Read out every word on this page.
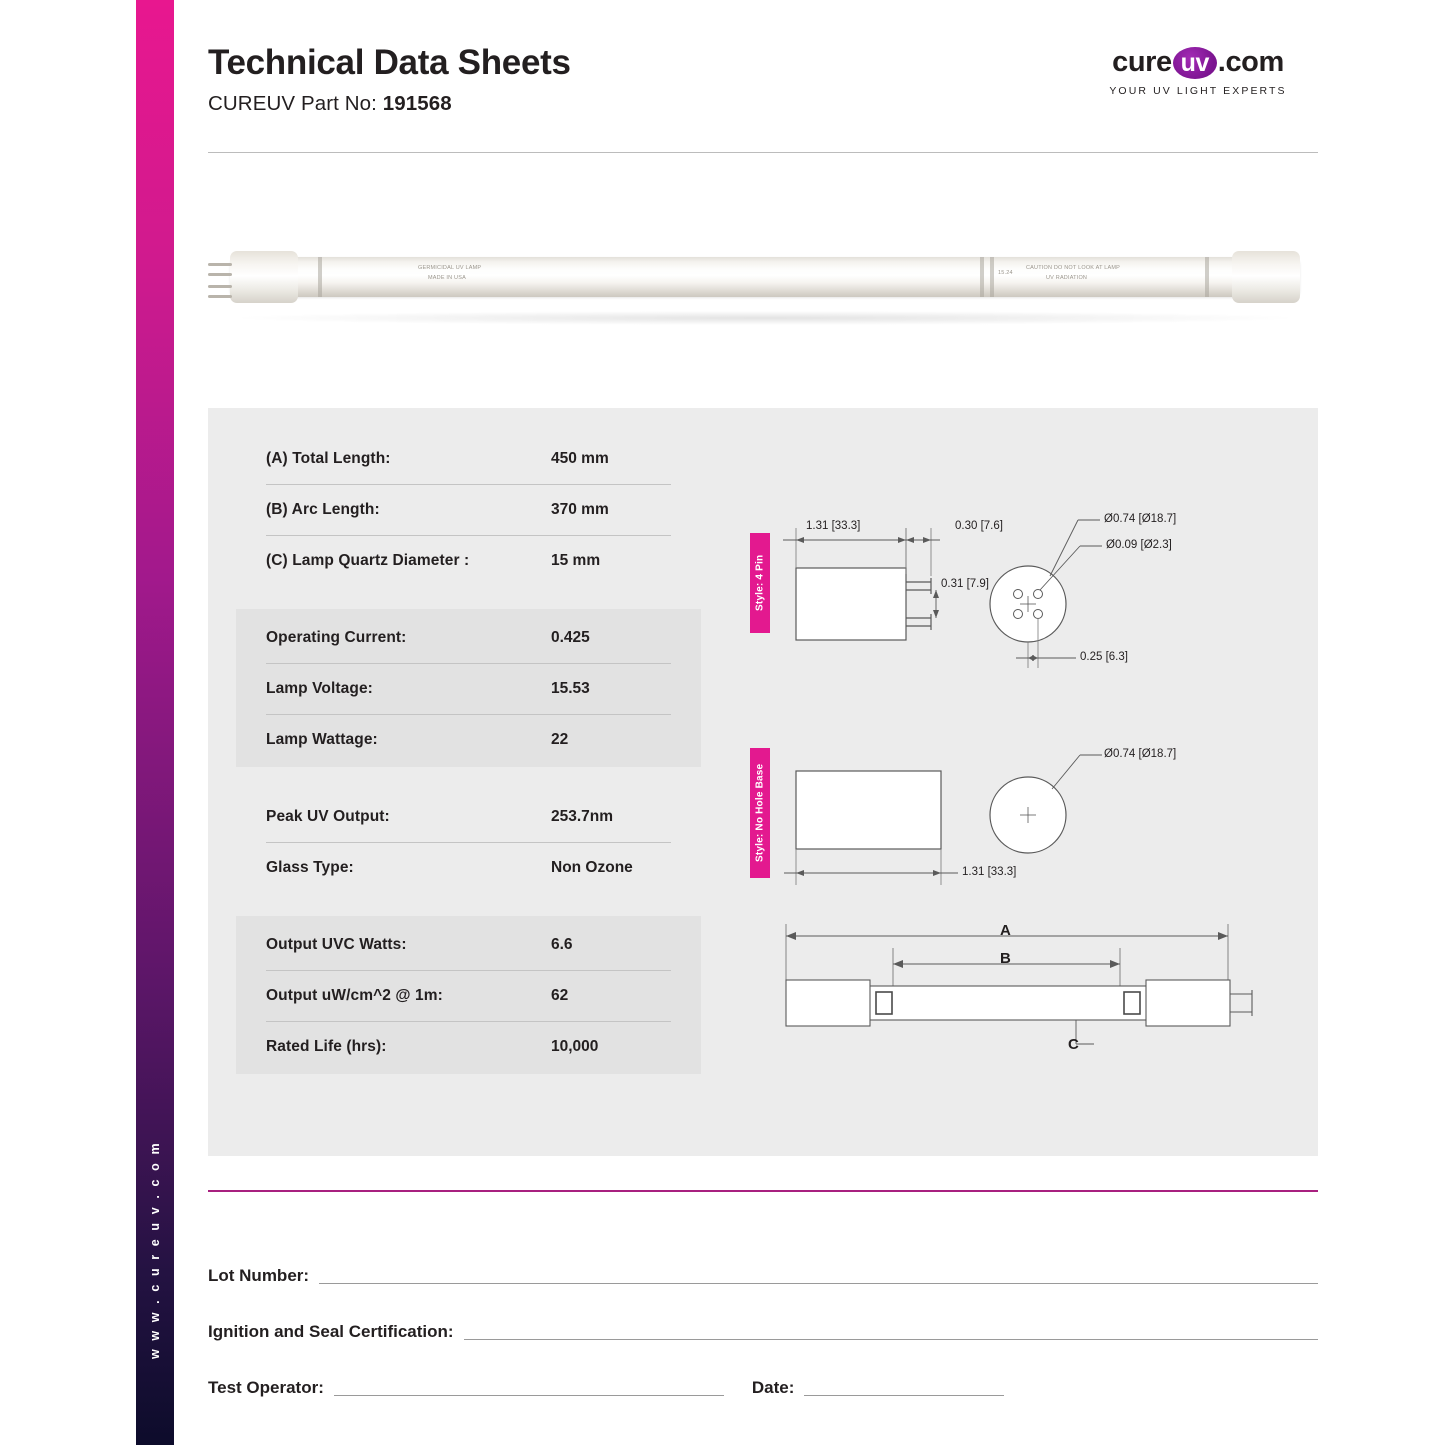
w w w . c u r e u v . c o m
Technical Data Sheets
CUREUV Part No: 191568
cure uv .com
YOUR UV LIGHT EXPERTS
GERMICIDAL UV LAMP
MADE IN USA
15.24
CAUTION DO NOT LOOK AT LAMP
UV RADIATION
(A) Total Length:	450 mm
(B) Arc Length:	370 mm
(C) Lamp Quartz Diameter :	15 mm
Operating Current:	0.425
Lamp Voltage:	15.53
Lamp Wattage:	22
Peak UV Output:	253.7nm
Glass Type:	Non Ozone
Output UVC Watts:	6.6
Output uW/cm^2 @ 1m:	62
Rated Life (hrs):	10,000
Style: 4 Pin
1.31 [33.3]	0.30 [7.6]
0.31 [7.9]
Ø0.74 [Ø18.7]
Ø0.09 [Ø2.3]
0.25 [6.3]
Style: No Hole Base
Ø0.74 [Ø18.7]
1.31 [33.3]
A
B
C
Lot Number:
Ignition and Seal Certification:
Test Operator:	Date:
